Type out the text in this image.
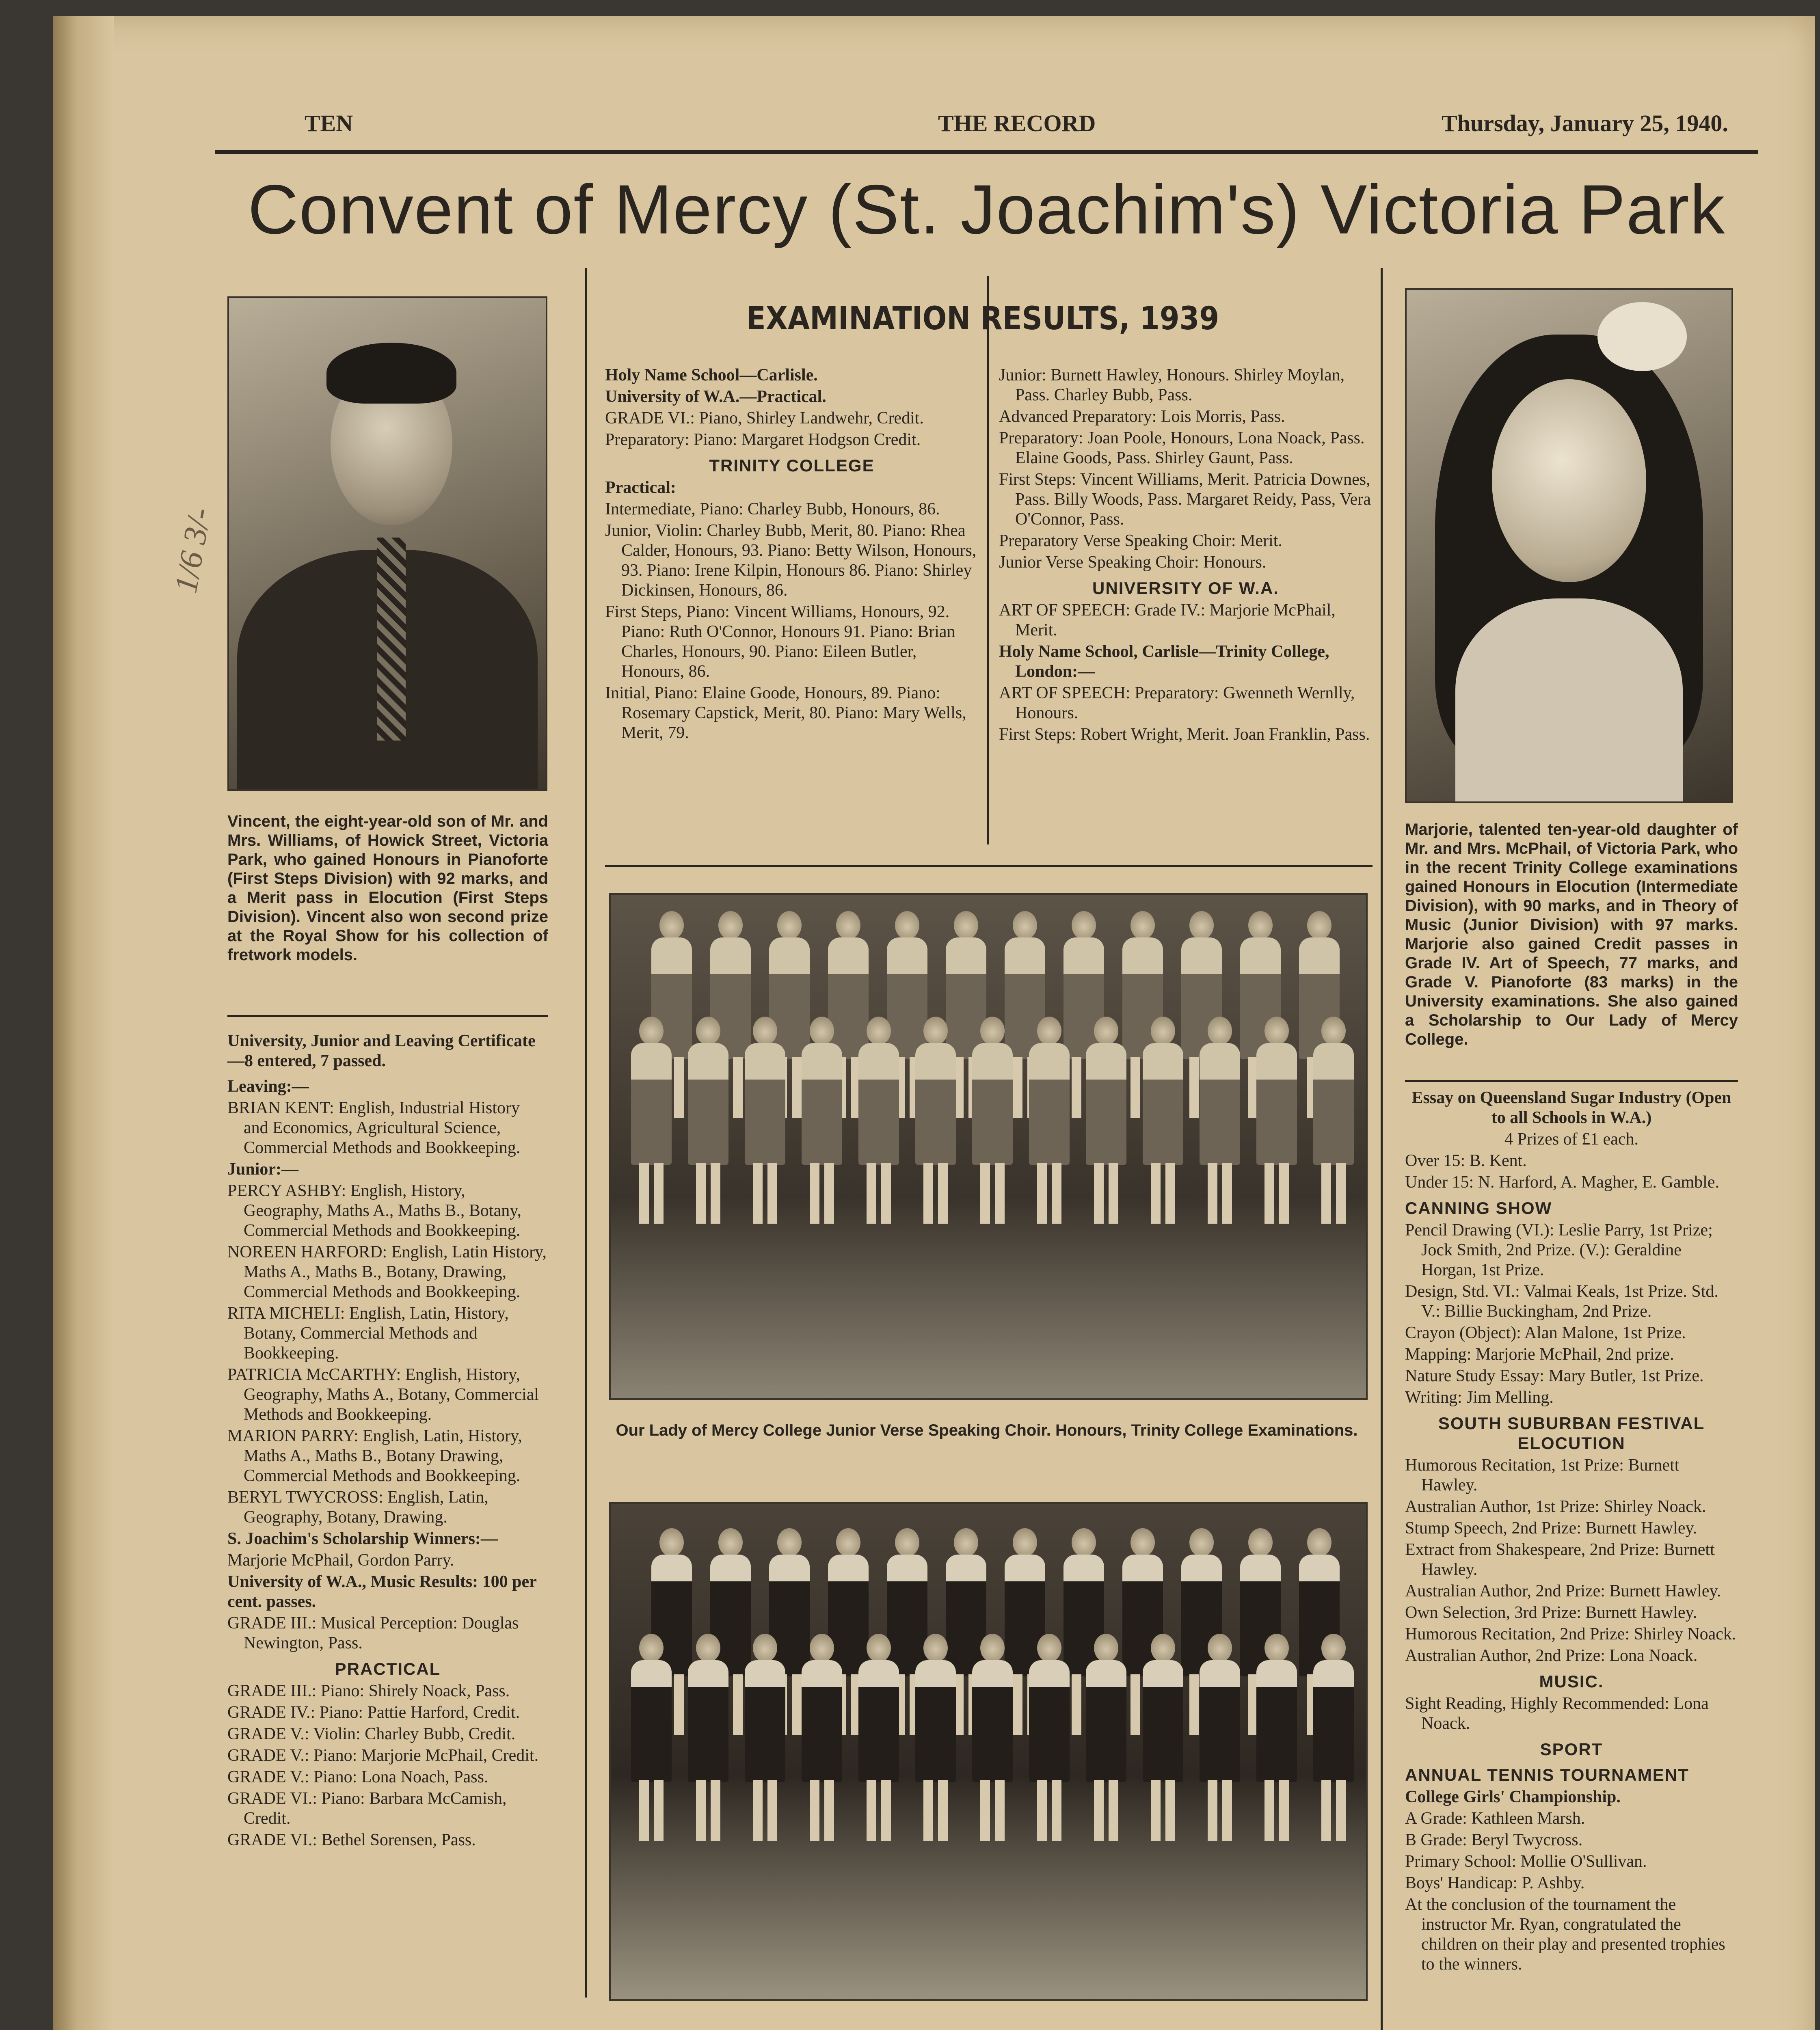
TEN	THE RECORD	Thursday, January 25, 1940.
Convent of Mercy (St. Joachim's) Victoria Park
1/6 3/-
Vincent, the eight-year-old son of Mr. and Mrs. Williams, of Howick Street, Victoria Park, who gained Honours in Pianoforte (First Steps Division) with 92 marks, and a Merit pass in Elocution (First Steps Division). Vincent also won second prize at the Royal Show for his collection of fretwork models.

University, Junior and Leaving Certificate—8 entered, 7 passed.

Leaving:—

BRIAN KENT: English, Industrial History and Economics, Agricultural Science, Commercial Methods and Bookkeeping.

Junior:—

PERCY ASHBY: English, History, Geography, Maths A., Maths B., Botany, Commercial Methods and Bookkeeping.

NOREEN HARFORD: English, Latin History, Maths A., Maths B., Botany, Drawing, Commercial Methods and Bookkeeping.

RITA MICHELI: English, Latin, History, Botany, Commercial Methods and Bookkeeping.

PATRICIA McCARTHY: English, History, Geography, Maths A., Botany, Commercial Methods and Bookkeeping.

MARION PARRY: English, Latin, History, Maths A., Maths B., Botany Drawing, Commercial Methods and Bookkeeping.

BERYL TWYCROSS: English, Latin, Geography, Botany, Drawing.

S. Joachim's Scholarship Winners:—

Marjorie McPhail, Gordon Parry.

University of W.A., Music Results: 100 per cent. passes.

GRADE III.: Musical Perception: Douglas Newington, Pass.

PRACTICAL

GRADE III.: Piano: Shirely Noack, Pass.

GRADE IV.: Piano: Pattie Harford, Credit.

GRADE V.: Violin: Charley Bubb, Credit.

GRADE V.: Piano: Marjorie McPhail, Credit.

GRADE V.: Piano: Lona Noach, Pass.

GRADE VI.: Piano: Barbara McCamish, Credit.

GRADE VI.: Bethel Sorensen, Pass.

EXAMINATION RESULTS, 1939

Holy Name School—Carlisle.

University of W.A.—Practical.

GRADE VI.: Piano, Shirley Landwehr, Credit.

Preparatory: Piano: Margaret Hodgson Credit.

TRINITY COLLEGE

Practical:

Intermediate, Piano: Charley Bubb, Honours, 86.

Junior, Violin: Charley Bubb, Merit, 80. Piano: Rhea Calder, Honours, 93. Piano: Betty Wilson, Honours, 93. Piano: Irene Kilpin, Honours 86. Piano: Shirley Dickinsen, Honours, 86.

First Steps, Piano: Vincent Williams, Honours, 92. Piano: Ruth O'Connor, Honours 91. Piano: Brian Charles, Honours, 90. Piano: Eileen Butler, Honours, 86.

Initial, Piano: Elaine Goode, Honours, 89. Piano: Rosemary Capstick, Merit, 80. Piano: Mary Wells, Merit, 79.

Junior: Burnett Hawley, Honours. Shirley Moylan, Pass. Charley Bubb, Pass.

Advanced Preparatory: Lois Morris, Pass.

Preparatory: Joan Poole, Honours, Lona Noack, Pass. Elaine Goods, Pass. Shirley Gaunt, Pass.

First Steps: Vincent Williams, Merit. Patricia Downes, Pass. Billy Woods, Pass. Margaret Reidy, Pass, Vera O'Connor, Pass.

Preparatory Verse Speaking Choir: Merit.

Junior Verse Speaking Choir: Honours.

UNIVERSITY OF W.A.

ART OF SPEECH: Grade IV.: Marjorie McPhail, Merit.

Holy Name School, Carlisle—Trinity College, London:—

ART OF SPEECH: Preparatory: Gwenneth Wernlly, Honours.

First Steps: Robert Wright, Merit. Joan Franklin, Pass.

Our Lady of Mercy College Junior Verse Speaking Choir. Honours, Trinity College Examinations.

Marjorie, talented ten-year-old daughter of Mr. and Mrs. McPhail, of Victoria Park, who in the recent Trinity College examinations gained Honours in Elocution (Intermediate Division), with 90 marks, and in Theory of Music (Junior Division) with 97 marks. Marjorie also gained Credit passes in Grade IV. Art of Speech, 77 marks, and Grade V. Pianoforte (83 marks) in the University examinations. She also gained a Scholarship to Our Lady of Mercy College.

Essay on Queensland Sugar Industry (Open to all Schools in W.A.)

4 Prizes of £1 each.

Over 15: B. Kent.

Under 15: N. Harford, A. Magher, E. Gamble.

CANNING SHOW

Pencil Drawing (VI.): Leslie Parry, 1st Prize; Jock Smith, 2nd Prize. (V.): Geraldine Horgan, 1st Prize.

Design, Std. VI.: Valmai Keals, 1st Prize. Std. V.: Billie Buckingham, 2nd Prize.

Crayon (Object): Alan Malone, 1st Prize.

Mapping: Marjorie McPhail, 2nd prize.

Nature Study Essay: Mary Butler, 1st Prize.

Writing: Jim Melling.

SOUTH SUBURBAN FESTIVAL ELOCUTION

Humorous Recitation, 1st Prize: Burnett Hawley.

Australian Author, 1st Prize: Shirley Noack.

Stump Speech, 2nd Prize: Burnett Hawley.

Extract from Shakespeare, 2nd Prize: Burnett Hawley.

Australian Author, 2nd Prize: Burnett Hawley.

Own Selection, 3rd Prize: Burnett Hawley.

Humorous Recitation, 2nd Prize: Shirley Noack.

Australian Author, 2nd Prize: Lona Noack.

MUSIC.

Sight Reading, Highly Recommended: Lona Noack.

SPORT
ANNUAL TENNIS TOURNAMENT

College Girls' Championship.

A Grade: Kathleen Marsh.

B Grade: Beryl Twycross.

Primary School: Mollie O'Sullivan.

Boys' Handicap: P. Ashby.

At the conclusion of the tournament the instructor Mr. Ryan, congratulated the children on their play and presented trophies to the winners.
